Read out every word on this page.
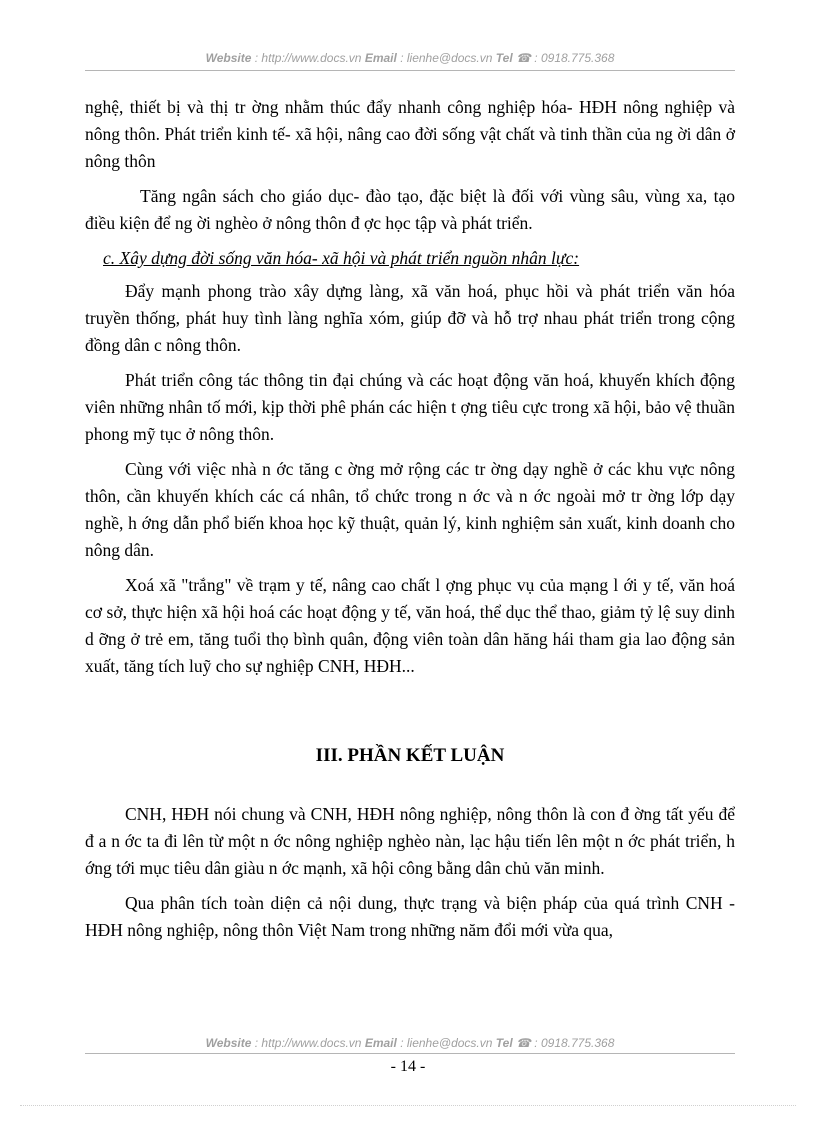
Website : http://www.docs.vn Email : lienhe@docs.vn Tel ☎ : 0918.775.368

nghệ, thiết bị và thị tr ờng nhằm thúc đẩy nhanh công nghiệp hóa- HĐH nông nghiệp và nông thôn. Phát triển kinh tế- xã hội, nâng cao đời sống vật chất và tinh thần của ng ời dân ở nông thôn

Tăng ngân sách cho giáo dục- đào tạo, đặc biệt là đối với vùng sâu, vùng xa, tạo điều kiện để ng ời nghèo ở nông thôn đ ợc học tập và phát triển.

c. Xây dựng đời sống văn hóa- xã hội và phát triển nguồn nhân lực:

Đẩy mạnh phong trào xây dựng làng, xã văn hoá, phục hồi và phát triển văn hóa truyền thống, phát huy tình làng nghĩa xóm, giúp đỡ và hỗ trợ nhau phát triển trong cộng đồng dân c nông thôn.

Phát triển công tác thông tin đại chúng và các hoạt động văn hoá, khuyến khích động viên những nhân tố mới, kịp thời phê phán các hiện t ợng tiêu cực trong xã hội, bảo vệ thuần phong mỹ tục ở nông thôn.

Cùng với việc nhà n ớc tăng c ờng mở rộng các tr ờng dạy nghề ở các khu vực nông thôn, cần khuyến khích các cá nhân, tổ chức trong n ớc và n ớc ngoài mở tr ờng lớp dạy nghề, h ớng dẫn phổ biến khoa học kỹ thuật, quản lý, kinh nghiệm sản xuất, kinh doanh cho nông dân.

Xoá xã "trắng" về trạm y tế, nâng cao chất l ợng phục vụ của mạng l ới y tế, văn hoá cơ sở, thực hiện xã hội hoá các hoạt động y tế, văn hoá, thể dục thể thao, giảm tỷ lệ suy dinh d ỡng ở trẻ em, tăng tuổi thọ bình quân, động viên toàn dân hăng hái tham gia lao động sản xuất, tăng tích luỹ cho sự nghiệp CNH, HĐH...

III. PHẦN KẾT LUẬN

CNH, HĐH nói chung và CNH, HĐH nông nghiệp, nông thôn là con đ ờng tất yếu để đ a n ớc ta đi lên từ một n ớc nông nghiệp nghèo nàn, lạc hậu tiến lên một n ớc phát triển, h ớng tới mục tiêu dân giàu n ớc mạnh, xã hội công bằng dân chủ văn minh.

Qua phân tích toàn diện cả nội dung, thực trạng và biện pháp của quá trình CNH - HĐH nông nghiệp, nông thôn Việt Nam trong những năm đổi mới vừa qua,

Website : http://www.docs.vn Email : lienhe@docs.vn Tel ☎ : 0918.775.368
- 14 -
